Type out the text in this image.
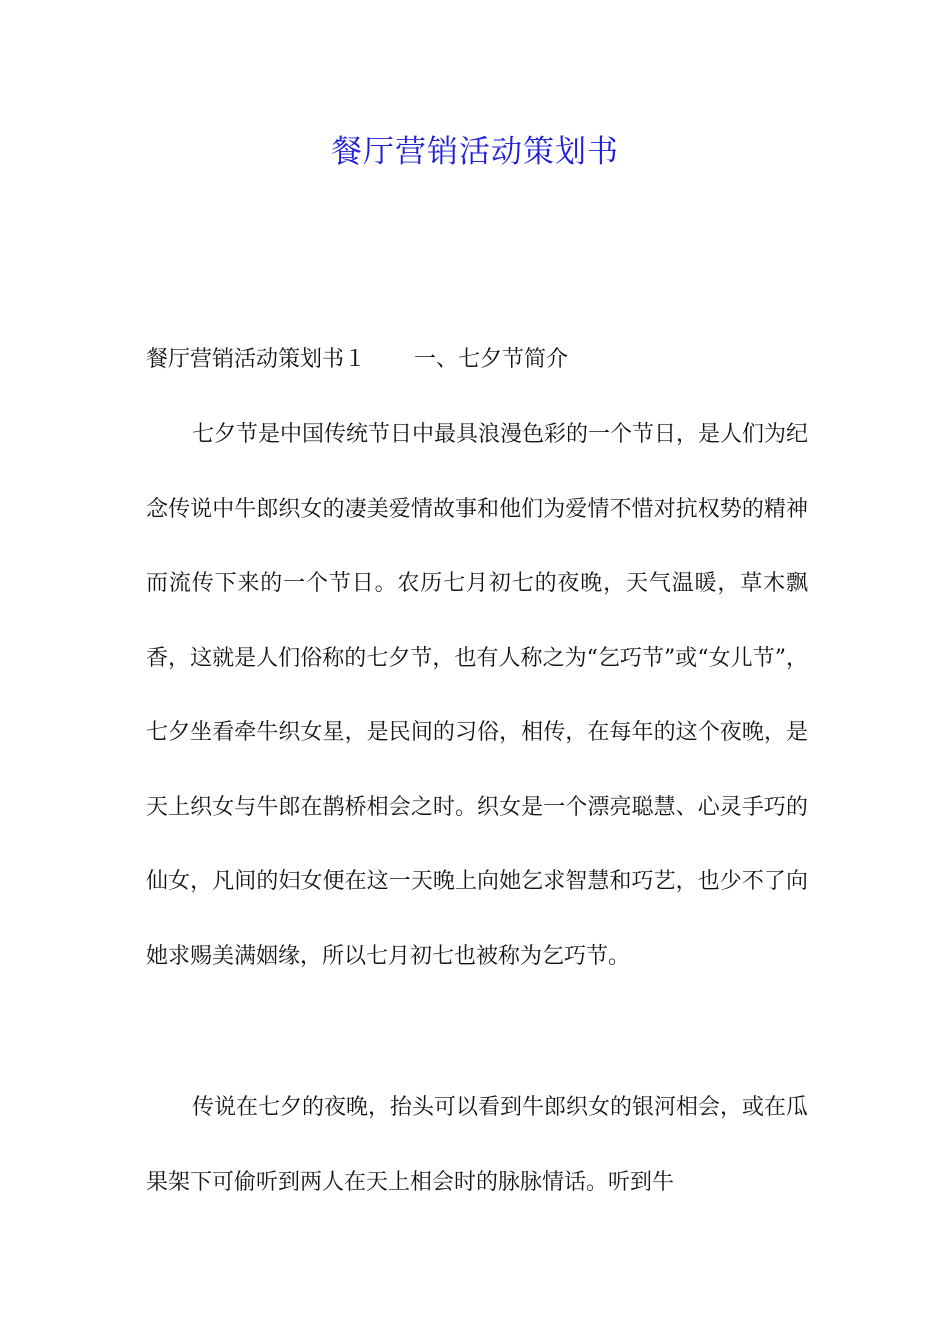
餐厅营销活动策划书
餐厅营销活动策划书１ 一、七夕节简介

七夕节是中国传统节日中最具浪漫色彩的一个节日，是人们为纪念传说中牛郎织女的凄美爱情故事和他们为爱情不惜对抗权势的精神而流传下来的一个节日。农历七月初七的夜晚，天气温暖，草木飘香，这就是人们俗称的七夕节，也有人称之为“乞巧节”或“女儿节”，七夕坐看牵牛织女星，是民间的习俗，相传，在每年的这个夜晚，是天上织女与牛郎在鹊桥相会之时。织女是一个漂亮聪慧、心灵手巧的仙女，凡间的妇女便在这一天晚上向她乞求智慧和巧艺，也少不了向她求赐美满姻缘，所以七月初七也被称为乞巧节。

传说在七夕的夜晚，抬头可以看到牛郎织女的银河相会，或在瓜果架下可偷听到两人在天上相会时的脉脉情话。听到牛
